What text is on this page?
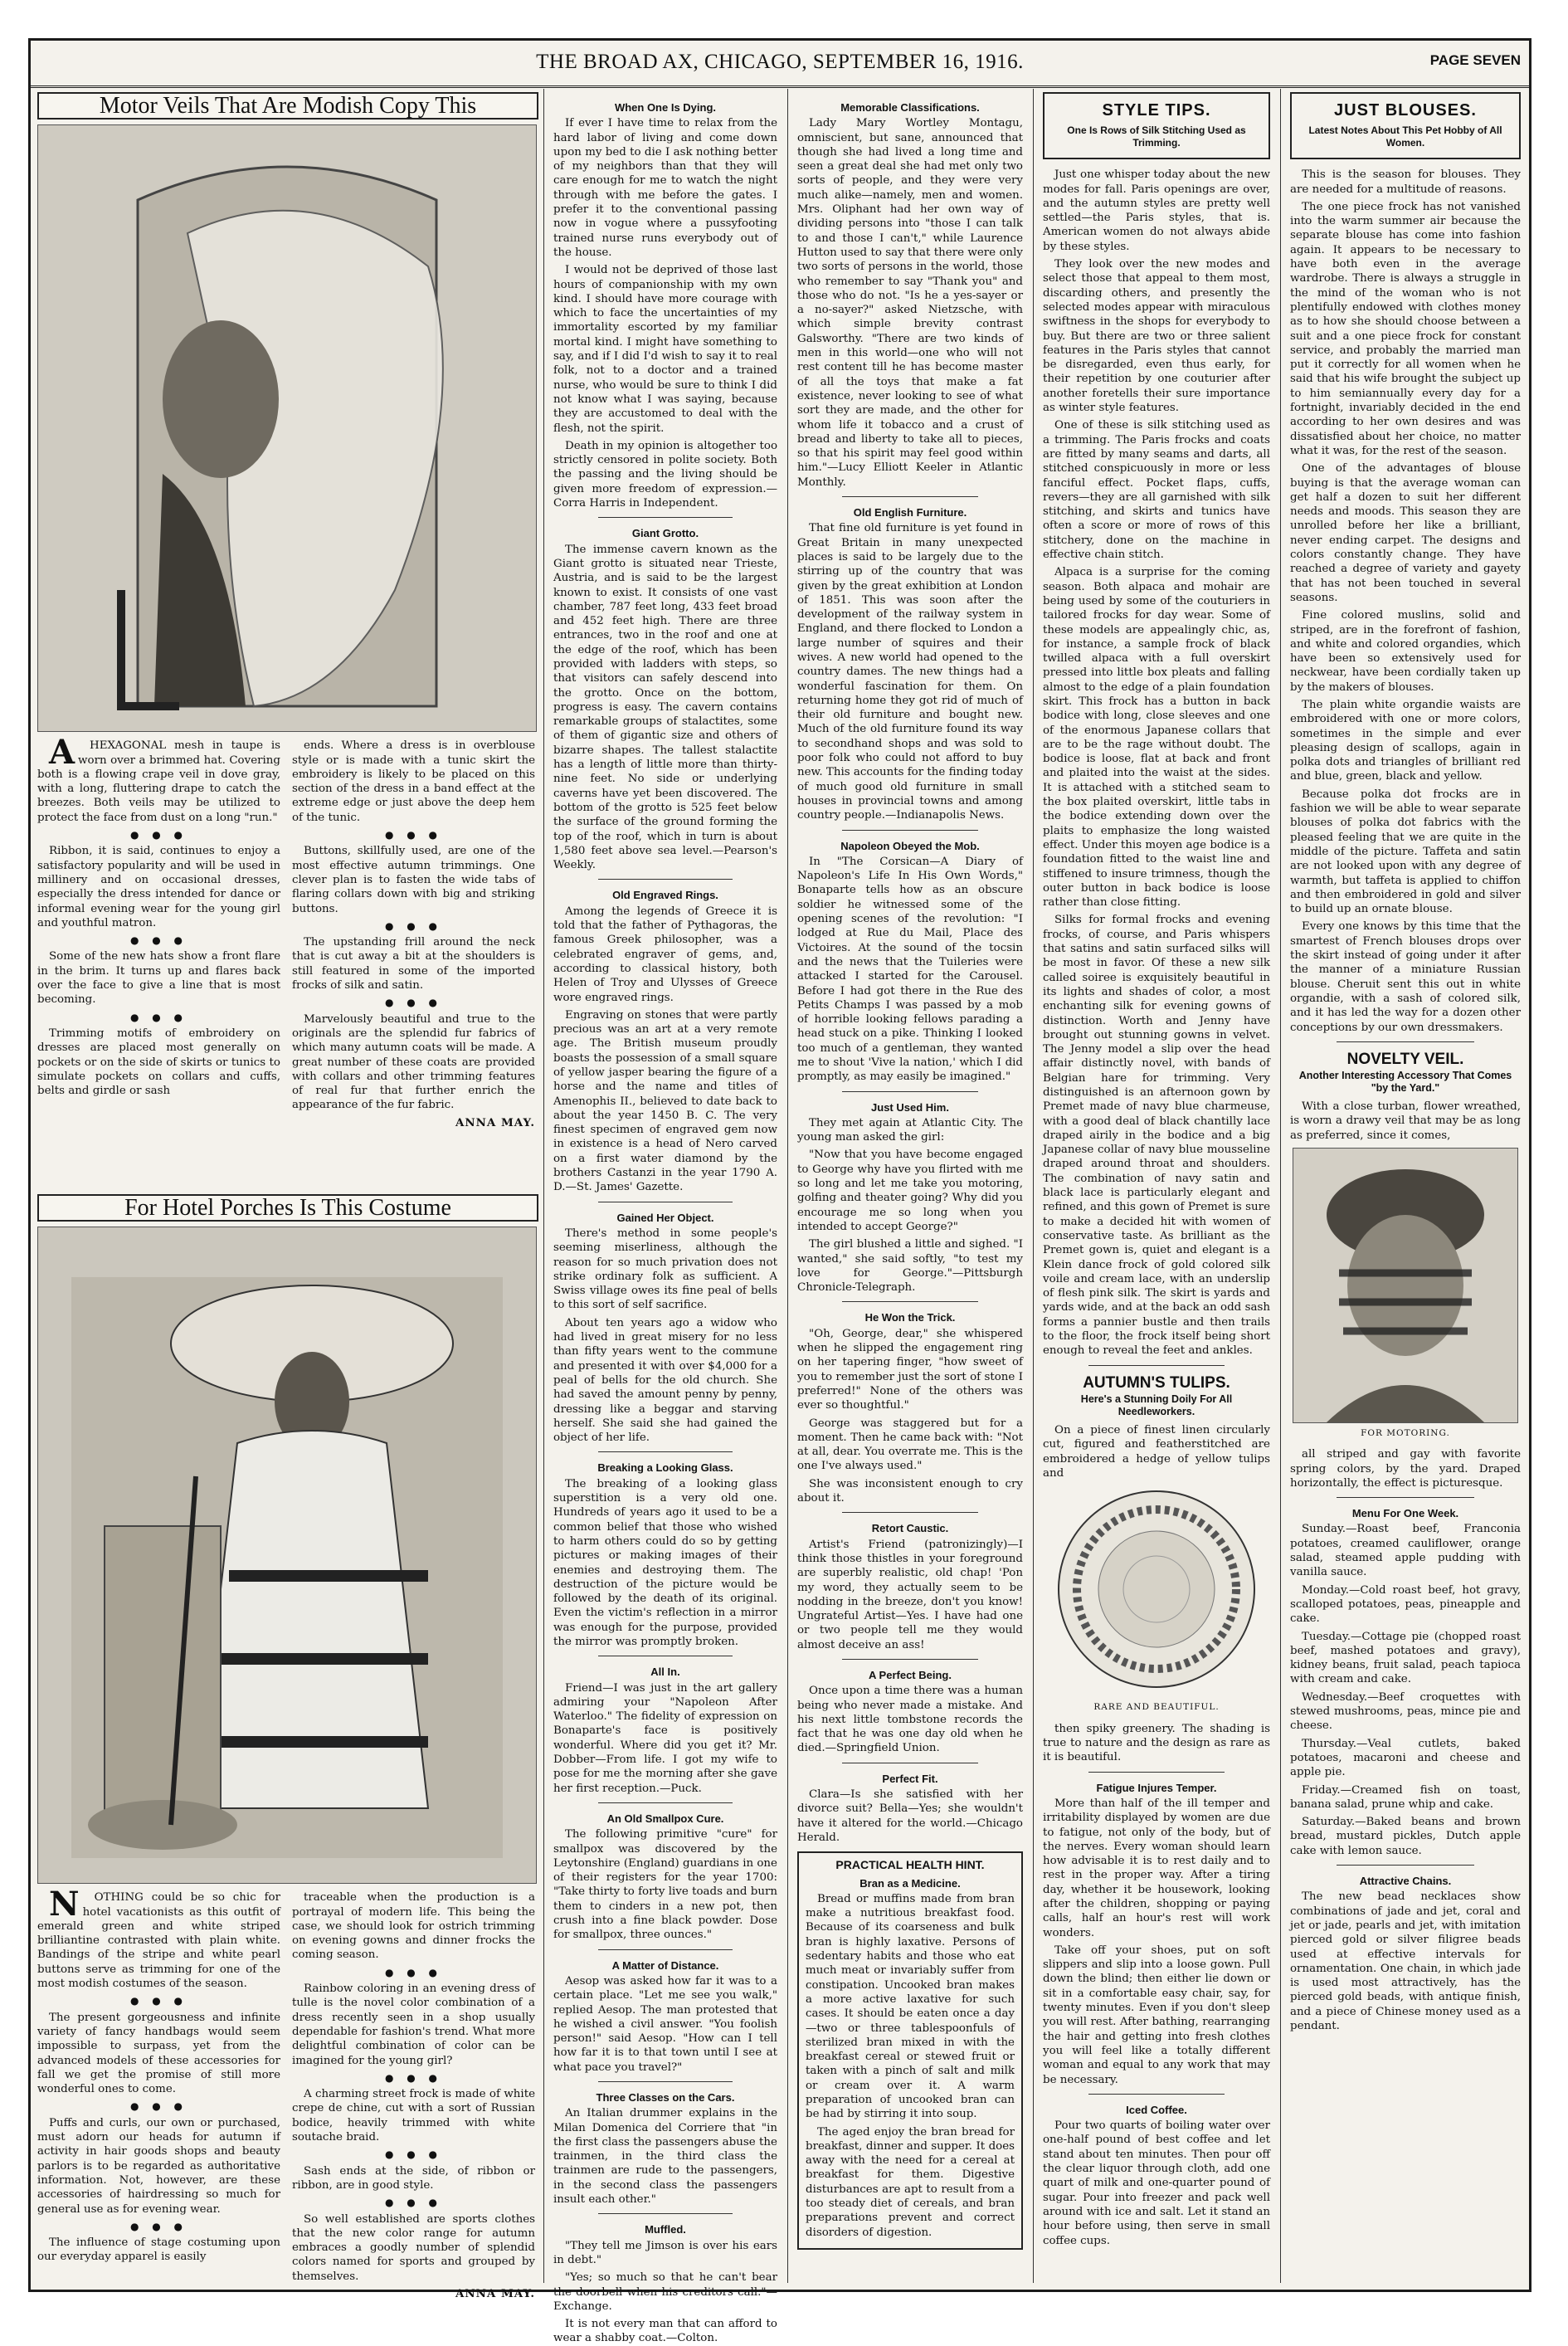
THE BROAD AX, CHICAGO, SEPTEMBER 16, 1916.	PAGE SEVEN
Motor Veils That Are Modish Copy This

AHEXAGONAL mesh in taupe is worn over a brimmed hat. Covering both is a flowing crape veil in dove gray, with a long, fluttering drape to catch the breezes. Both veils may be utilized to protect the face from dust on a long "run."

● ● ●

Ribbon, it is said, continues to enjoy a satisfactory popularity and will be used in millinery and on occasional dresses, especially the dress intended for dance or informal evening wear for the young girl and youthful matron.

● ● ●

Some of the new hats show a front flare in the brim. It turns up and flares back over the face to give a line that is most becoming.

● ● ●

Trimming motifs of embroidery on dresses are placed most generally on pockets or on the side of skirts or tunics to simulate pockets on collars and cuffs, belts and girdle or sash

ends. Where a dress is in overblouse style or is made with a tunic skirt the embroidery is likely to be placed on this section of the dress in a band effect at the extreme edge or just above the deep hem of the tunic.

● ● ●

Buttons, skillfully used, are one of the most effective autumn trimmings. One clever plan is to fasten the wide tabs of flaring collars down with big and striking buttons.

● ● ●

The upstanding frill around the neck that is cut away a bit at the shoulders is still featured in some of the imported frocks of silk and satin.

● ● ●

Marvelously beautiful and true to the originals are the splendid fur fabrics of which many autumn coats will be made. A great number of these coats are provided with collars and other trimming features of real fur that further enrich the appearance of the fur fabric.

ANNA MAY.
For Hotel Porches Is This Costume

NOTHING could be so chic for hotel vacationists as this outfit of emerald green and white striped brilliantine contrasted with plain white. Bandings of the stripe and white pearl buttons serve as trimming for one of the most modish costumes of the season.

● ● ●

The present gorgeousness and infinite variety of fancy handbags would seem impossible to surpass, yet from the advanced models of these accessories for fall we get the promise of still more wonderful ones to come.

● ● ●

Puffs and curls, our own or purchased, must adorn our heads for autumn if activity in hair goods shops and beauty parlors is to be regarded as authoritative information. Not, however, are these accessories of hairdressing so much for general use as for evening wear.

● ● ●

The influence of stage costuming upon our everyday apparel is easily

traceable when the production is a portrayal of modern life. This being the case, we should look for ostrich trimming on evening gowns and dinner frocks the coming season.

● ● ●

Rainbow coloring in an evening dress of tulle is the novel color combination of a dress recently seen in a shop usually dependable for fashion's trend. What more delightful combination of color can be imagined for the young girl?

● ● ●

A charming street frock is made of white crepe de chine, cut with a sort of Russian bodice, heavily trimmed with white soutache braid.

● ● ●

Sash ends at the side, of ribbon or ribbon, are in good style.

● ● ●

So well established are sports clothes that the new color range for autumn embraces a goodly number of splendid colors named for sports and grouped by themselves.

ANNA MAY.
When One Is Dying.

If ever I have time to relax from the hard labor of living and come down upon my bed to die I ask nothing better of my neighbors than that they will care enough for me to watch the night through with me before the gates. I prefer it to the conventional passing now in vogue where a pussyfooting trained nurse runs everybody out of the house.

I would not be deprived of those last hours of companionship with my own kind. I should have more courage with which to face the uncertainties of my immortality escorted by my familiar mortal kind. I might have something to say, and if I did I'd wish to say it to real folk, not to a doctor and a trained nurse, who would be sure to think I did not know what I was saying, because they are accustomed to deal with the flesh, not the spirit.

Death in my opinion is altogether too strictly censored in polite society. Both the passing and the living should be given more freedom of expression.—Corra Harris in Independent.

Giant Grotto.

The immense cavern known as the Giant grotto is situated near Trieste, Austria, and is said to be the largest known to exist. It consists of one vast chamber, 787 feet long, 433 feet broad and 452 feet high. There are three entrances, two in the roof and one at the edge of the roof, which has been provided with ladders with steps, so that visitors can safely descend into the grotto. Once on the bottom, progress is easy. The cavern contains remarkable groups of stalactites, some of them of gigantic size and others of bizarre shapes. The tallest stalactite has a length of little more than thirty-nine feet. No side or underlying caverns have yet been discovered. The bottom of the grotto is 525 feet below the surface of the ground forming the top of the roof, which in turn is about 1,580 feet above sea level.—Pearson's Weekly.

Old Engraved Rings.

Among the legends of Greece it is told that the father of Pythagoras, the famous Greek philosopher, was a celebrated engraver of gems, and, according to classical history, both Helen of Troy and Ulysses of Greece wore engraved rings.

Engraving on stones that were partly precious was an art at a very remote age. The British museum proudly boasts the possession of a small square of yellow jasper bearing the figure of a horse and the name and titles of Amenophis II., believed to date back to about the year 1450 B. C. The very finest specimen of engraved gem now in existence is a head of Nero carved on a first water diamond by the brothers Castanzi in the year 1790 A. D.—St. James' Gazette.

Gained Her Object.

There's method in some people's seeming miserliness, although the reason for so much privation does not strike ordinary folk as sufficient. A Swiss village owes its fine peal of bells to this sort of self sacrifice.

About ten years ago a widow who had lived in great misery for no less than fifty years went to the commune and presented it with over $4,000 for a peal of bells for the old church. She had saved the amount penny by penny, dressing like a beggar and starving herself. She said she had gained the object of her life.

Breaking a Looking Glass.

The breaking of a looking glass superstition is a very old one. Hundreds of years ago it used to be a common belief that those who wished to harm others could do so by getting pictures or making images of their enemies and destroying them. The destruction of the picture would be followed by the death of its original. Even the victim's reflection in a mirror was enough for the purpose, provided the mirror was promptly broken.

All In.

Friend—I was just in the art gallery admiring your "Napoleon After Waterloo." The fidelity of expression on Bonaparte's face is positively wonderful. Where did you get it? Mr. Dobber—From life. I got my wife to pose for me the morning after she gave her first reception.—Puck.

An Old Smallpox Cure.

The following primitive "cure" for smallpox was discovered by the Leytonshire (England) guardians in one of their registers for the year 1700: "Take thirty to forty live toads and burn them to cinders in a new pot, then crush into a fine black powder. Dose for smallpox, three ounces."

A Matter of Distance.

Aesop was asked how far it was to a certain place. "Let me see you walk," replied Aesop. The man protested that he wished a civil answer. "You foolish person!" said Aesop. "How can I tell how far it is to that town until I see at what pace you travel?"

Three Classes on the Cars.

An Italian drummer explains in the Milan Domenica del Corriere that "in the first class the passengers abuse the trainmen, in the third class the trainmen are rude to the passengers, in the second class the passengers insult each other."

Muffled.

"They tell me Jimson is over his ears in debt."

"Yes; so much so that he can't bear the doorbell when his creditors call."—Exchange.

It is not every man that can afford to wear a shabby coat.—Colton.

Memorable Classifications.

Lady Mary Wortley Montagu, omniscient, but sane, announced that though she had lived a long time and seen a great deal she had met only two sorts of people, and they were very much alike—namely, men and women. Mrs. Oliphant had her own way of dividing persons into "those I can talk to and those I can't," while Laurence Hutton used to say that there were only two sorts of persons in the world, those who remember to say "Thank you" and those who do not. "Is he a yes-sayer or a no-sayer?" asked Nietzsche, with which simple brevity contrast Galsworthy. "There are two kinds of men in this world—one who will not rest content till he has become master of all the toys that make a fat existence, never looking to see of what sort they are made, and the other for whom life it tobacco and a crust of bread and liberty to take all to pieces, so that his spirit may feel good within him."—Lucy Elliott Keeler in Atlantic Monthly.

Old English Furniture.

That fine old furniture is yet found in Great Britain in many unexpected places is said to be largely due to the stirring up of the country that was given by the great exhibition at London of 1851. This was soon after the development of the railway system in England, and there flocked to London a large number of squires and their wives. A new world had opened to the country dames. The new things had a wonderful fascination for them. On returning home they got rid of much of their old furniture and bought new. Much of the old furniture found its way to secondhand shops and was sold to poor folk who could not afford to buy new. This accounts for the finding today of much good old furniture in small houses in provincial towns and among country people.—Indianapolis News.

Napoleon Obeyed the Mob.

In "The Corsican—A Diary of Napoleon's Life In His Own Words," Bonaparte tells how as an obscure soldier he witnessed some of the opening scenes of the revolution: "I lodged at Rue du Mail, Place des Victoires. At the sound of the tocsin and the news that the Tuileries were attacked I started for the Carousel. Before I had got there in the Rue des Petits Champs I was passed by a mob of horrible looking fellows parading a head stuck on a pike. Thinking I looked too much of a gentleman, they wanted me to shout 'Vive la nation,' which I did promptly, as may easily be imagined."

Just Used Him.

They met again at Atlantic City. The young man asked the girl:

"Now that you have become engaged to George why have you flirted with me so long and let me take you motoring, golfing and theater going? Why did you encourage me so long when you intended to accept George?"

The girl blushed a little and sighed. "I wanted," she said softly, "to test my love for George."—Pittsburgh Chronicle-Telegraph.

He Won the Trick.

"Oh, George, dear," she whispered when he slipped the engagement ring on her tapering finger, "how sweet of you to remember just the sort of stone I preferred!" None of the others was ever so thoughtful."

George was staggered but for a moment. Then he came back with: "Not at all, dear. You overrate me. This is the one I've always used."

She was inconsistent enough to cry about it.

Retort Caustic.

Artist's Friend (patronizingly)—I think those thistles in your foreground are superbly realistic, old chap! 'Pon my word, they actually seem to be nodding in the breeze, don't you know! Ungrateful Artist—Yes. I have had one or two people tell me they would almost deceive an ass!

A Perfect Being.

Once upon a time there was a human being who never made a mistake. And his next little tombstone records the fact that he was one day old when he died.—Springfield Union.

Perfect Fit.

Clara—Is she satisfied with her divorce suit? Bella—Yes; she wouldn't have it altered for the world.—Chicago Herald.

PRACTICAL HEALTH HINT.
Bran as a Medicine.

Bread or muffins made from bran make a nutritious breakfast food. Because of its coarseness and bulk bran is highly laxative. Persons of sedentary habits and those who eat much meat or invariably suffer from constipation. Uncooked bran makes a more active laxative for such cases. It should be eaten once a day—two or three tablespoonfuls of sterilized bran mixed in with the breakfast cereal or stewed fruit or taken with a pinch of salt and milk or cream over it. A warm preparation of uncooked bran can be had by stirring it into soup.

The aged enjoy the bran bread for breakfast, dinner and supper. It does away with the need for a cereal at breakfast for them. Digestive disturbances are apt to result from a too steady diet of cereals, and bran preparations prevent and correct disorders of digestion.

STYLE TIPS.
One Is Rows of Silk Stitching Used as Trimming.

Just one whisper today about the new modes for fall. Paris openings are over, and the autumn styles are pretty well settled—the Paris styles, that is. American women do not always abide by these styles.

They look over the new modes and select those that appeal to them most, discarding others, and presently the selected modes appear with miraculous swiftness in the shops for everybody to buy. But there are two or three salient features in the Paris styles that cannot be disregarded, even thus early, for their repetition by one couturier after another foretells their sure importance as winter style features.

One of these is silk stitching used as a trimming. The Paris frocks and coats are fitted by many seams and darts, all stitched conspicuously in more or less fanciful effect. Pocket flaps, cuffs, revers—they are all garnished with silk stitching, and skirts and tunics have often a score or more of rows of this stitchery, done on the machine in effective chain stitch.

Alpaca is a surprise for the coming season. Both alpaca and mohair are being used by some of the couturiers in tailored frocks for day wear. Some of these models are appealingly chic, as, for instance, a sample frock of black twilled alpaca with a full overskirt pressed into little box pleats and falling almost to the edge of a plain foundation skirt. This frock has a button in back bodice with long, close sleeves and one of the enormous Japanese collars that are to be the rage without doubt. The bodice is loose, flat at back and front and plaited into the waist at the sides. It is attached with a stitched seam to the box plaited overskirt, little tabs in the bodice extending down over the plaits to emphasize the long waisted effect. Under this moyen age bodice is a foundation fitted to the waist line and stiffened to insure trimness, though the outer button in back bodice is loose rather than close fitting.

Silks for formal frocks and evening frocks, of course, and Paris whispers that satins and satin surfaced silks will be most in favor. Of these a new silk called soiree is exquisitely beautiful in its lights and shades of color, a most enchanting silk for evening gowns of distinction. Worth and Jenny have brought out stunning gowns in velvet. The Jenny model a slip over the head affair distinctly novel, with bands of Belgian hare for trimming. Very distinguished is an afternoon gown by Premet made of navy blue charmeuse, with a good deal of black chantilly lace draped airily in the bodice and a big Japanese collar of navy blue mousseline draped around throat and shoulders. The combination of navy satin and black lace is particularly elegant and refined, and this gown of Premet is sure to make a decided hit with women of conservative taste. As brilliant as the Premet gown is, quiet and elegant is a Klein dance frock of gold colored silk voile and cream lace, with an underslip of flesh pink silk. The skirt is yards and yards wide, and at the back an odd sash forms a pannier bustle and then trails to the floor, the frock itself being short enough to reveal the feet and ankles.

AUTUMN'S TULIPS.
Here's a Stunning Doily For All Needleworkers.

On a piece of finest linen circularly cut, figured and featherstitched are embroidered a hedge of yellow tulips and

RARE AND BEAUTIFUL.

then spiky greenery. The shading is true to nature and the design as rare as it is beautiful.

Fatigue Injures Temper.

More than half of the ill temper and irritability displayed by women are due to fatigue, not only of the body, but of the nerves. Every woman should learn how advisable it is to rest daily and to rest in the proper way. After a tiring day, whether it be housework, looking after the children, shopping or paying calls, half an hour's rest will work wonders.

Take off your shoes, put on soft slippers and slip into a loose gown. Pull down the blind; then either lie down or sit in a comfortable easy chair, say, for twenty minutes. Even if you don't sleep you will rest. After bathing, rearranging the hair and getting into fresh clothes you will feel like a totally different woman and equal to any work that may be necessary.

Iced Coffee.

Pour two quarts of boiling water over one-half pound of best coffee and let stand about ten minutes. Then pour off the clear liquor through cloth, add one quart of milk and one-quarter pound of sugar. Pour into freezer and pack well around with ice and salt. Let it stand an hour before using, then serve in small coffee cups.

JUST BLOUSES.
Latest Notes About This Pet Hobby of All Women.

This is the season for blouses. They are needed for a multitude of reasons.

The one piece frock has not vanished into the warm summer air because the separate blouse has come into fashion again. It appears to be necessary to have both even in the average wardrobe. There is always a struggle in the mind of the woman who is not plentifully endowed with clothes money as to how she should choose between a suit and a one piece frock for constant service, and probably the married man put it correctly for all women when he said that his wife brought the subject up to him semiannually every day for a fortnight, invariably decided in the end according to her own desires and was dissatisfied about her choice, no matter what it was, for the rest of the season.

One of the advantages of blouse buying is that the average woman can get half a dozen to suit her different needs and moods. This season they are unrolled before her like a brilliant, never ending carpet. The designs and colors constantly change. They have reached a degree of variety and gayety that has not been touched in several seasons.

Fine colored muslins, solid and striped, are in the forefront of fashion, and white and colored organdies, which have been so extensively used for neckwear, have been cordially taken up by the makers of blouses.

The plain white organdie waists are embroidered with one or more colors, sometimes in the simple and ever pleasing design of scallops, again in polka dots and triangles of brilliant red and blue, green, black and yellow.

Because polka dot frocks are in fashion we will be able to wear separate blouses of polka dot fabrics with the pleased feeling that we are quite in the middle of the picture. Taffeta and satin are not looked upon with any degree of warmth, but taffeta is applied to chiffon and then embroidered in gold and silver to build up an ornate blouse.

Every one knows by this time that the smartest of French blouses drops over the skirt instead of going under it after the manner of a miniature Russian blouse. Cheruit sent this out in white organdie, with a sash of colored silk, and it has led the way for a dozen other conceptions by our own dressmakers.

NOVELTY VEIL.
Another Interesting Accessory That Comes "by the Yard."

With a close turban, flower wreathed, is worn a drawy veil that may be as long as preferred, since it comes,

FOR MOTORING.

all striped and gay with favorite spring colors, by the yard. Draped horizontally, the effect is picturesque.

Menu For One Week.

Sunday.—Roast beef, Franconia potatoes, creamed cauliflower, orange salad, steamed apple pudding with vanilla sauce.

Monday.—Cold roast beef, hot gravy, scalloped potatoes, peas, pineapple and cake.

Tuesday.—Cottage pie (chopped roast beef, mashed potatoes and gravy), kidney beans, fruit salad, peach tapioca with cream and cake.

Wednesday.—Beef croquettes with stewed mushrooms, peas, mince pie and cheese.

Thursday.—Veal cutlets, baked potatoes, macaroni and cheese and apple pie.

Friday.—Creamed fish on toast, banana salad, prune whip and cake.

Saturday.—Baked beans and brown bread, mustard pickles, Dutch apple cake with lemon sauce.

Attractive Chains.

The new bead necklaces show combinations of jade and jet, coral and jet or jade, pearls and jet, with imitation pierced gold or silver filigree beads used at effective intervals for ornamentation. One chain, in which jade is used most attractively, has the pierced gold beads, with antique finish, and a piece of Chinese money used as a pendant.
